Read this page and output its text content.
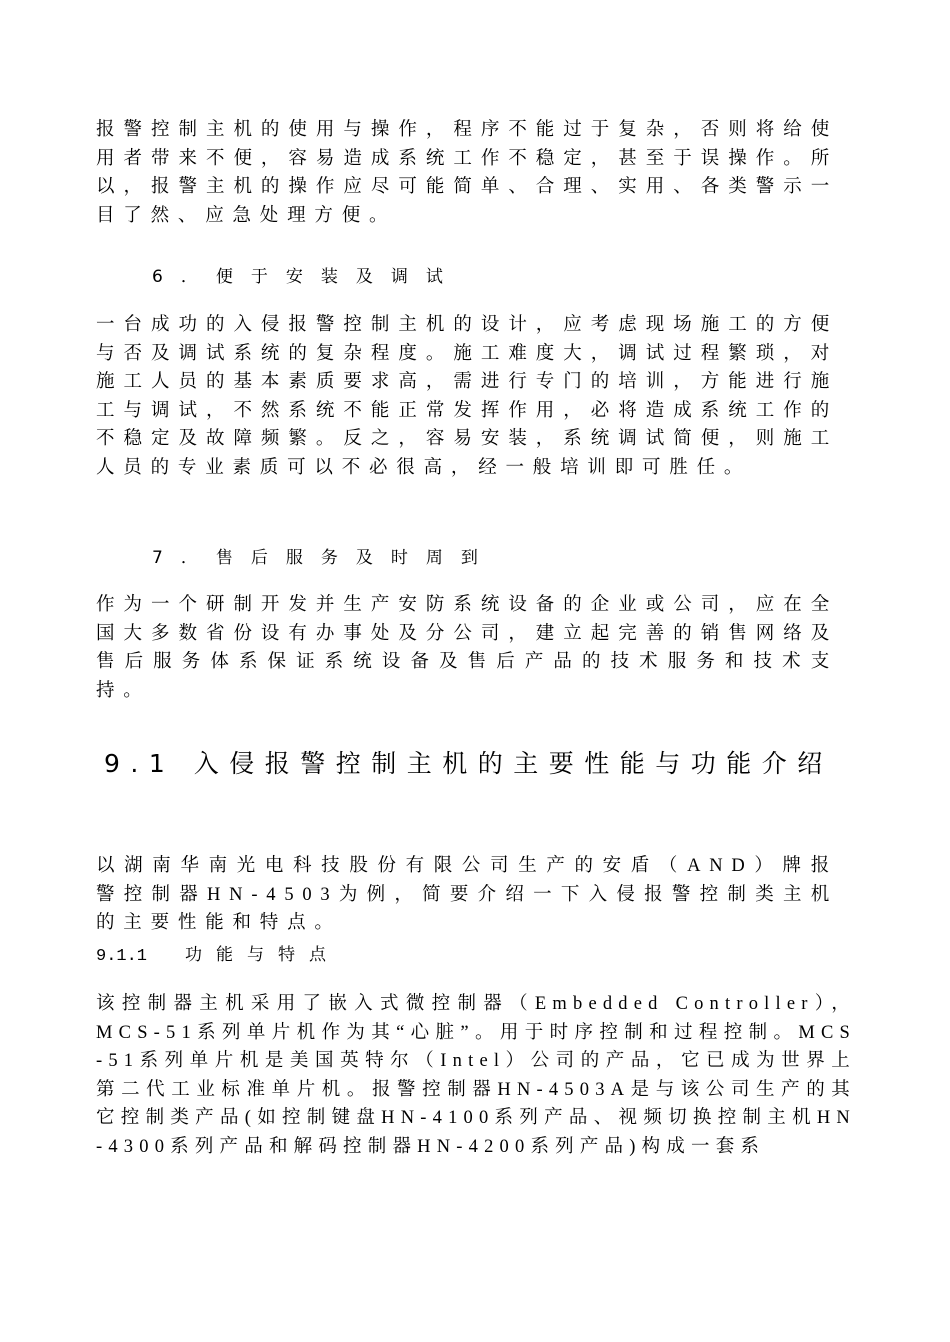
报警控制主机的使用与操作，程序不能过于复杂，否则将给使用者带来不便，容易造成系统工作不稳定，甚至于误操作。所以，报警主机的操作应尽可能简单、合理、实用、各类警示一目了然、应急处理方便。

6．便于安装及调试

一台成功的入侵报警控制主机的设计，应考虑现场施工的方便与否及调试系统的复杂程度。施工难度大，调试过程繁琐，对施工人员的基本素质要求高，需进行专门的培训，方能进行施工与调试，不然系统不能正常发挥作用，必将造成系统工作的不稳定及故障频繁。反之，容易安装，系统调试简便，则施工人员的专业素质可以不必很高，经一般培训即可胜任。

7．售后服务及时周到

作为一个研制开发并生产安防系统设备的企业或公司，应在全国大多数省份设有办事处及分公司，建立起完善的销售网络及售后服务体系保证系统设备及售后产品的技术服务和技术支持。

9.1 入侵报警控制主机的主要性能与功能介绍

以湖南华南光电科技股份有限公司生产的安盾（AND）牌报警控制器HN-4503为例，简要介绍一下入侵报警控制类主机的主要性能和特点。

9.1.1 功能与特点

该控制器主机采用了嵌入式微控制器（Embedded Controller），MCS-51系列单片机作为其“心脏”。用于时序控制和过程控制。MCS-51系列单片机是美国英特尔（Intel）公司的产品，它已成为世界上第二代工业标准单片机。报警控制器HN-4503A是与该公司生产的其它控制类产品(如控制键盘HN-4100系列产品、视频切换控制主机HN-4300系列产品和解码控制器HN-4200系列产品)构成一套系
